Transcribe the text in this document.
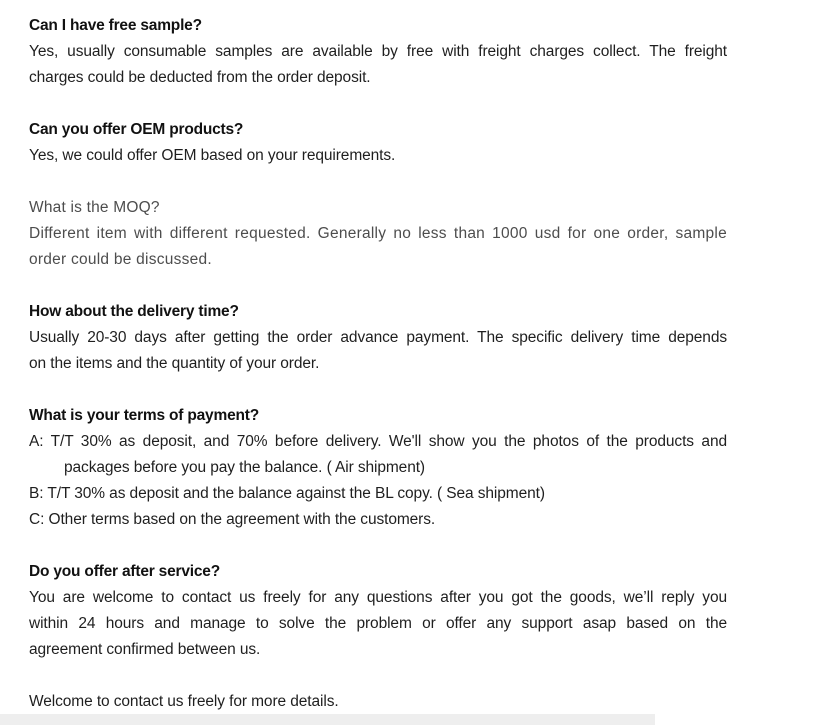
Can I have free sample?
Yes, usually consumable samples are available by free with freight charges collect. The freight
charges could be deducted from the order deposit.
Can you offer OEM products?
Yes, we could offer OEM based on your requirements.
What is the MOQ?
Different item with different requested. Generally no less than 1000 usd for one order, sample
order could be discussed.
How about the delivery time?
Usually 20-30 days after getting the order advance payment. The specific delivery time depends
on the items and the quantity of your order.
What is your terms of payment?
A: T/T 30% as deposit, and 70% before delivery. We'll show you the photos of the products and
packages before you pay the balance. ( Air shipment)
B: T/T 30% as deposit and the balance against the BL copy. ( Sea shipment)
C: Other terms based on the agreement with the customers.
Do you offer after service?
You are welcome to contact us freely for any questions after you got the goods, we’ll reply you
within 24 hours and manage to solve the problem or offer any support asap based on the
agreement confirmed between us.
Welcome to contact us freely for more details.
